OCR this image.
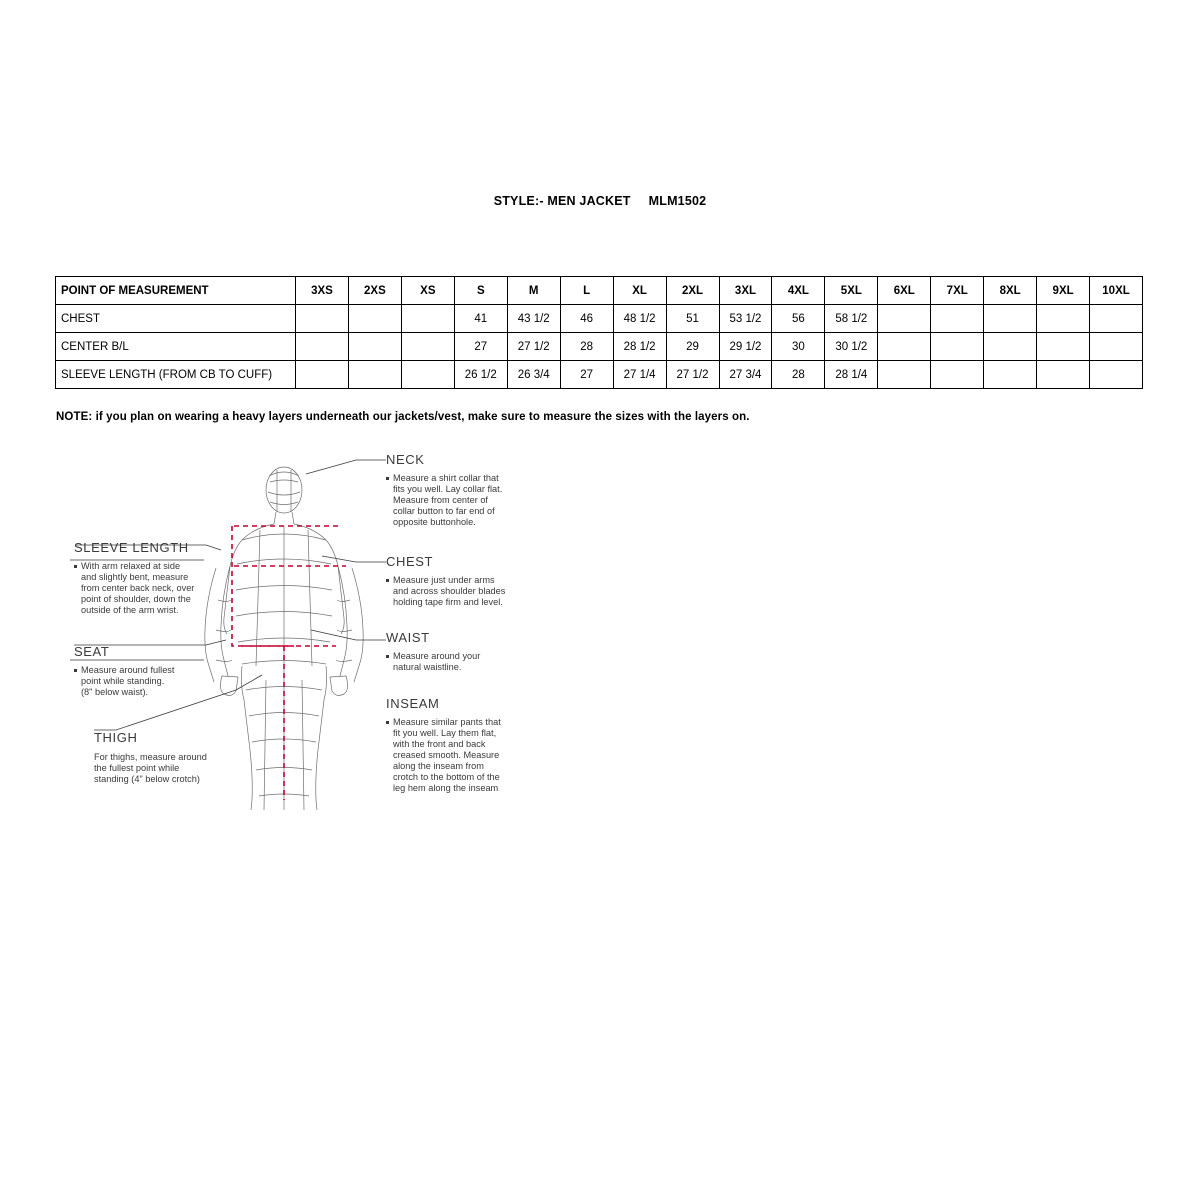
STYLE:- MEN JACKET MLM1502
POINT OF MEASUREMENT	3XS	2XS	XS	S	M	L	XL	2XL	3XL	4XL	5XL	6XL	7XL	8XL	9XL	10XL
CHEST				41	43 1/2	46	48 1/2	51	53 1/2	56	58 1/2					
CENTER B/L				27	27 1/2	28	28 1/2	29	29 1/2	30	30 1/2					
SLEEVE LENGTH (FROM CB TO CUFF)				26 1/2	26 3/4	27	27 1/4	27 1/2	27 3/4	28	28 1/4					
NOTE: if you plan on wearing a heavy layers underneath our jackets/vest, make sure to measure the sizes with the layers on.
SLEEVE LENGTH
With arm relaxed at side
and slightly bent, measure
from center back neck, over
point of shoulder, down the
outside of the arm wrist.
SEAT
Measure around fullest
point while standing.
(8" below waist).
THIGH
For thighs, measure around
the fullest point while
standing (4" below crotch)
NECK
Measure a shirt collar that
fits you well. Lay collar flat.
Measure from center of
collar button to far end of
opposite buttonhole.
CHEST
Measure just under arms
and across shoulder blades
holding tape firm and level.
WAIST
Measure around your
natural waistline.
INSEAM
Measure similar pants that
fit you well. Lay them flat,
with the front and back
creased smooth. Measure
along the inseam from
crotch to the bottom of the
leg hem along the inseam
